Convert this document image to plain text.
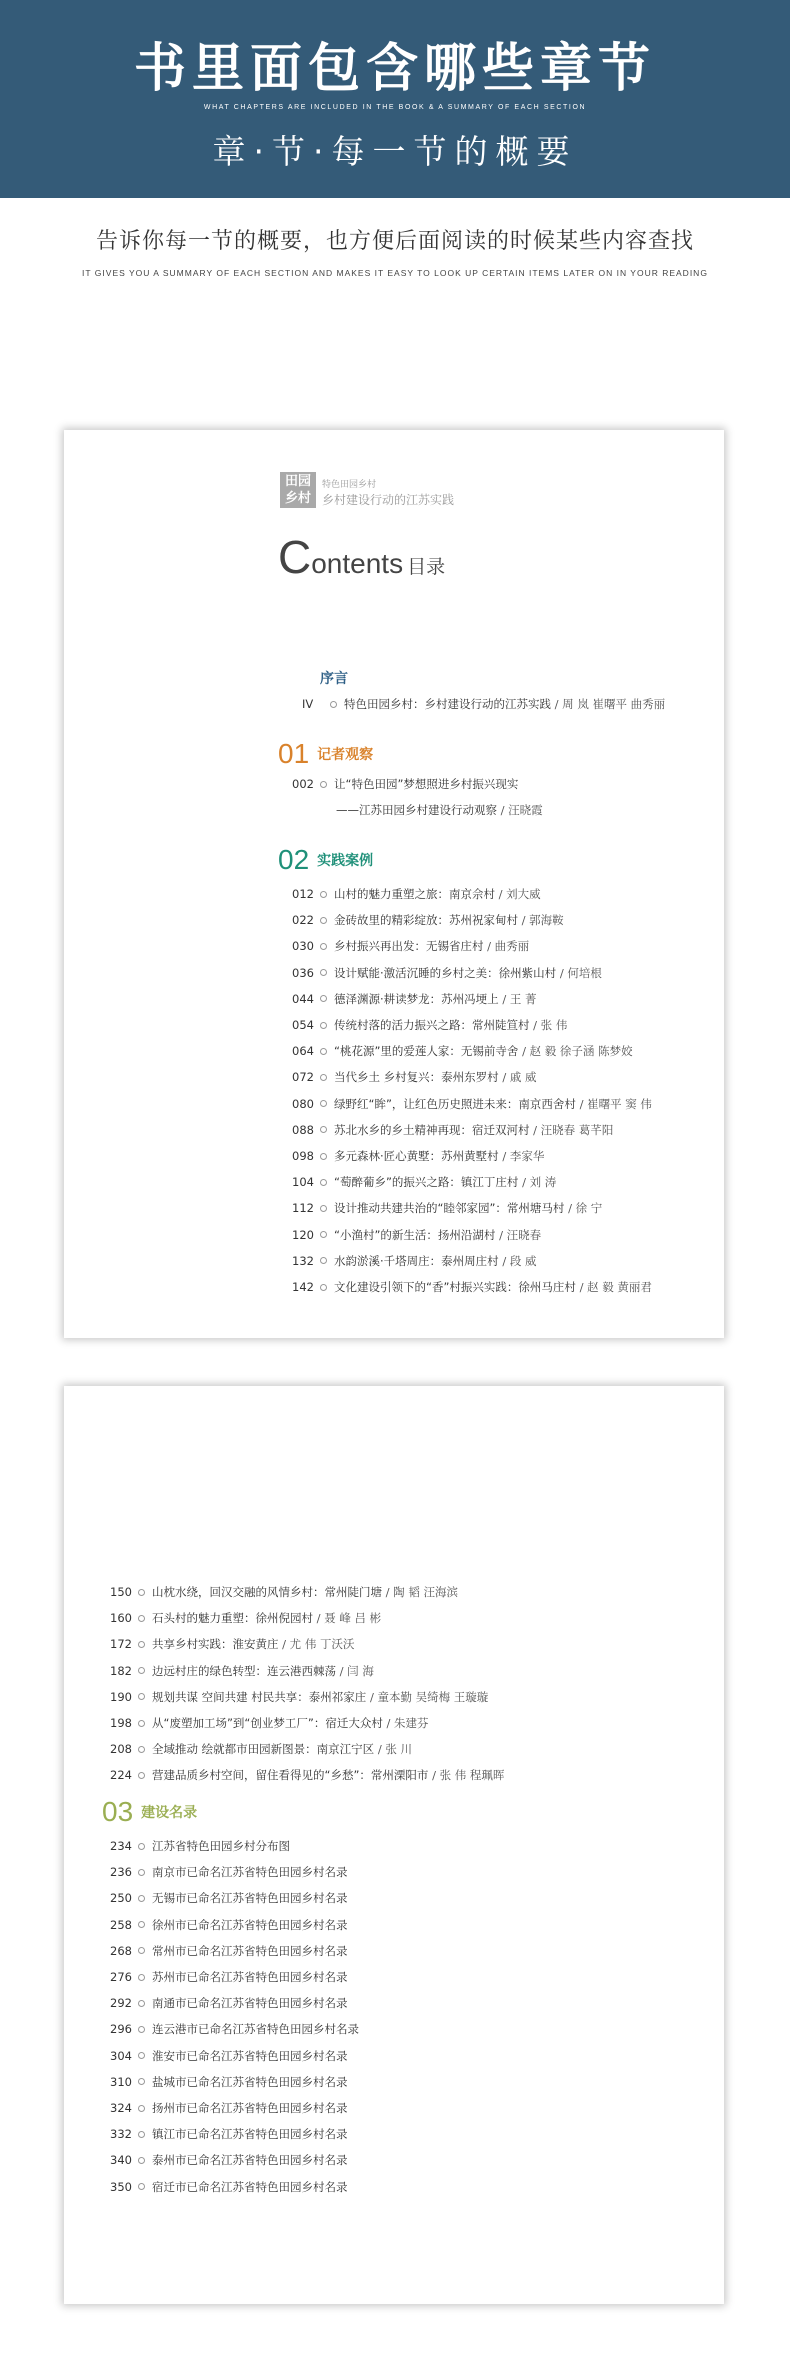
书里面包含哪些章节
WHAT CHAPTERS ARE INCLUDED IN THE BOOK & A SUMMARY OF EACH SECTION
章·节·每一节的概要
告诉你每一节的概要，也方便后面阅读的时候某些内容查找
IT GIVES YOU A SUMMARY OF EACH SECTION AND MAKES IT EASY TO LOOK UP CERTAIN ITEMS LATER ON IN YOUR READING
田园
乡村
特色田园乡村
乡村建设行动的江苏实践
Contents 目录
序言
IV	特色田园乡村：乡村建设行动的江苏实践 / 周 岚 崔曙平 曲秀丽
01 记者观察
002 让“特色田园”梦想照进乡村振兴现实
——江苏田园乡村建设行动观察 / 汪晓霞
02 实践案例
012 山村的魅力重塑之旅：南京佘村 / 刘大威
022 金砖故里的精彩绽放：苏州祝家甸村 / 郭海鞍
030 乡村振兴再出发：无锡省庄村 / 曲秀丽
036 设计赋能·激活沉睡的乡村之美：徐州紫山村 / 何培根
044 德泽渊源·耕读梦龙：苏州冯埂上 / 王 菁
054 传统村落的活力振兴之路：常州陡笪村 / 张 伟
064 “桃花源”里的爱莲人家：无锡前寺舍 / 赵 毅 徐子涵 陈梦姣
072 当代乡土 乡村复兴：泰州东罗村 / 戚 威
080 绿野红“眸”，让红色历史照进未来：南京西舍村 / 崔曙平 窦 伟
088 苏北水乡的乡土精神再现：宿迁双河村 / 汪晓春 葛芊阳
098 多元森林·匠心黄墅：苏州黄墅村 / 李家华
104 “萄醉葡乡”的振兴之路：镇江丁庄村 / 刘 涛
112 设计推动共建共治的“睦邻家园”：常州塘马村 / 徐 宁
120 “小渔村”的新生活：扬州沿湖村 / 汪晓春
132 水韵淤溪·千塔周庄：泰州周庄村 / 段 威
142 文化建设引领下的“香”村振兴实践：徐州马庄村 / 赵 毅 黄丽君
150 山枕水绕，回汉交融的风情乡村：常州陡门塘 / 陶 韬 汪海滨
160 石头村的魅力重塑：徐州倪园村 / 聂 峰 吕 彬
172 共享乡村实践：淮安黄庄 / 尤 伟 丁沃沃
182 边远村庄的绿色转型：连云港西棘荡 / 闫 海
190 规划共谋 空间共建 村民共享：泰州祁家庄 / 童本勤 吴绮梅 王璇璇
198 从“废塑加工场”到“创业梦工厂”：宿迁大众村 / 朱建芬
208 全域推动 绘就都市田园新图景：南京江宁区 / 张 川
224 营建品质乡村空间，留住看得见的“乡愁”：常州溧阳市 / 张 伟 程珮晖
03 建设名录
234 江苏省特色田园乡村分布图
236 南京市已命名江苏省特色田园乡村名录
250 无锡市已命名江苏省特色田园乡村名录
258 徐州市已命名江苏省特色田园乡村名录
268 常州市已命名江苏省特色田园乡村名录
276 苏州市已命名江苏省特色田园乡村名录
292 南通市已命名江苏省特色田园乡村名录
296 连云港市已命名江苏省特色田园乡村名录
304 淮安市已命名江苏省特色田园乡村名录
310 盐城市已命名江苏省特色田园乡村名录
324 扬州市已命名江苏省特色田园乡村名录
332 镇江市已命名江苏省特色田园乡村名录
340 泰州市已命名江苏省特色田园乡村名录
350 宿迁市已命名江苏省特色田园乡村名录
